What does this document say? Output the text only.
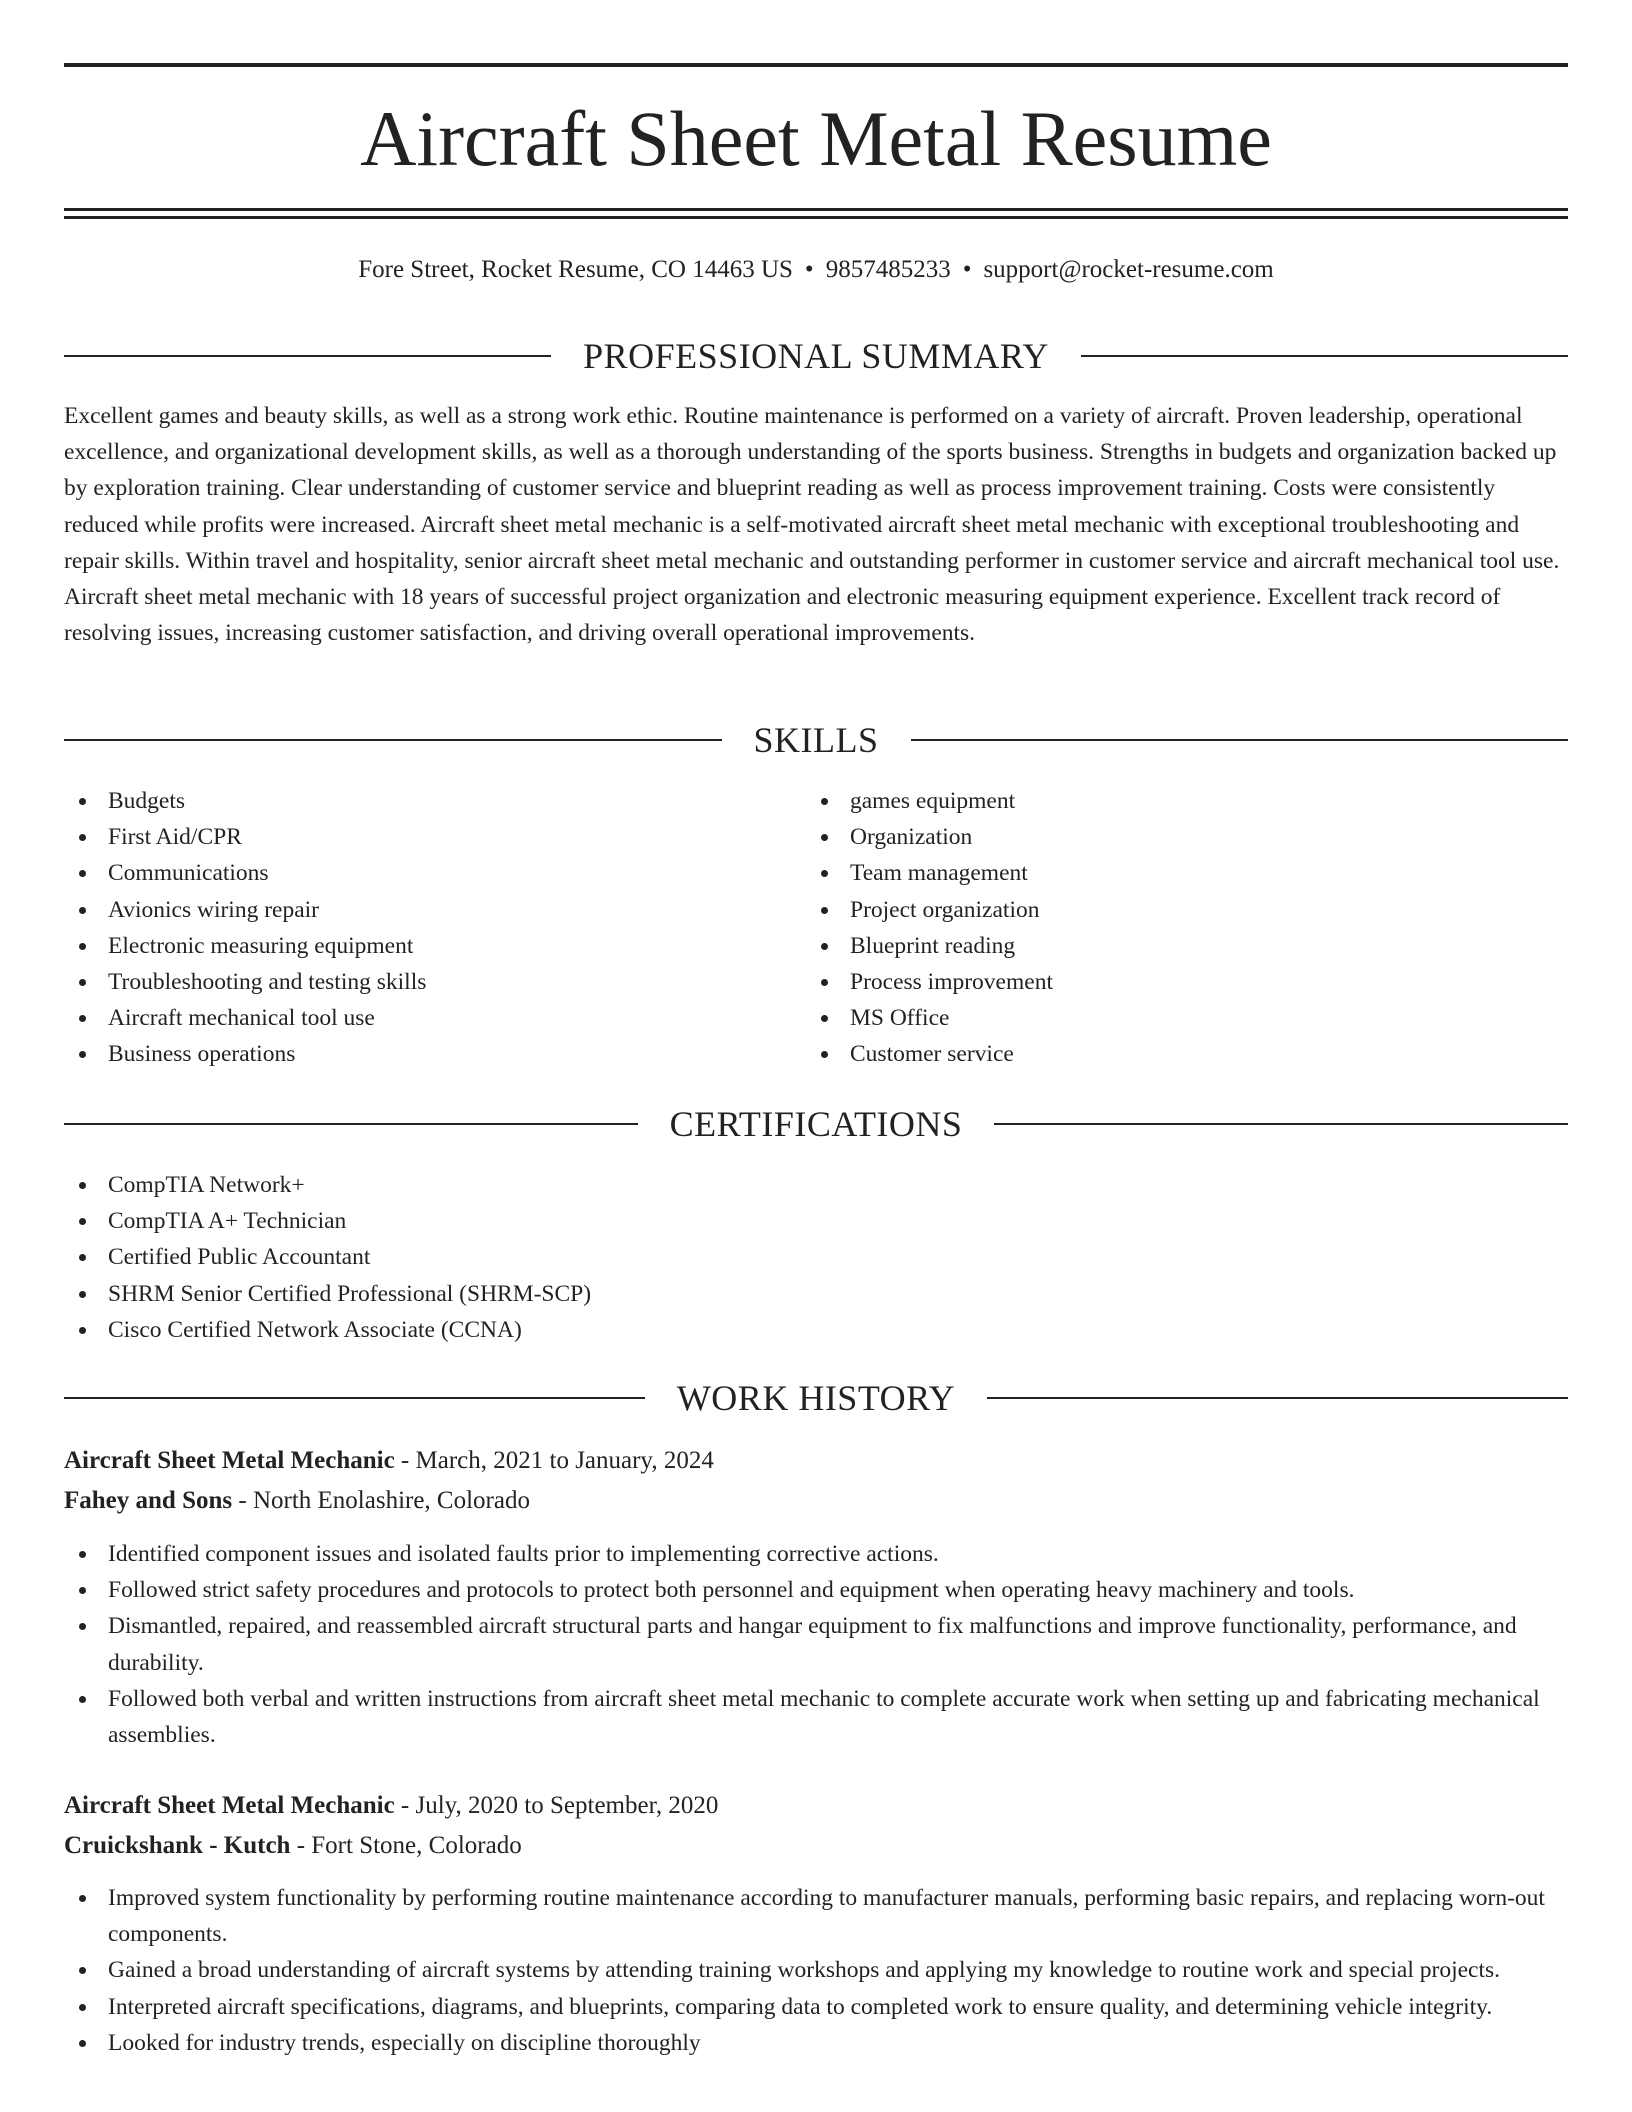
Aircraft Sheet Metal Resume
Fore Street, Rocket Resume, CO 14463 US • 9857485233 • support@rocket-resume.com
PROFESSIONAL SUMMARY

Excellent games and beauty skills, as well as a strong work ethic. Routine maintenance is performed on a variety of aircraft. Proven leadership, operational excellence, and organizational development skills, as well as a thorough understanding of the sports business. Strengths in budgets and organization backed up by exploration training. Clear understanding of customer service and blueprint reading as well as process improvement training. Costs were consistently reduced while profits were increased. Aircraft sheet metal mechanic is a self-motivated aircraft sheet metal mechanic with exceptional troubleshooting and repair skills. Within travel and hospitality, senior aircraft sheet metal mechanic and outstanding performer in customer service and aircraft mechanical tool use. Aircraft sheet metal mechanic with 18 years of successful project organization and electronic measuring equipment experience. Excellent track record of resolving issues, increasing customer satisfaction, and driving overall operational improvements.

SKILLS
Budgets
First Aid/CPR
Communications
Avionics wiring repair
Electronic measuring equipment
Troubleshooting and testing skills
Aircraft mechanical tool use
Business operations
games equipment
Organization
Team management
Project organization
Blueprint reading
Process improvement
MS Office
Customer service
CERTIFICATIONS
CompTIA Network+
CompTIA A+ Technician
Certified Public Accountant
SHRM Senior Certified Professional (SHRM-SCP)
Cisco Certified Network Associate (CCNA)
WORK HISTORY
Aircraft Sheet Metal Mechanic - March, 2021 to January, 2024
Fahey and Sons - North Enolashire, Colorado
Identified component issues and isolated faults prior to implementing corrective actions.
Followed strict safety procedures and protocols to protect both personnel and equipment when operating heavy machinery and tools.
Dismantled, repaired, and reassembled aircraft structural parts and hangar equipment to fix malfunctions and improve functionality, performance, and durability.
Followed both verbal and written instructions from aircraft sheet metal mechanic to complete accurate work when setting up and fabricating mechanical assemblies.
Aircraft Sheet Metal Mechanic - July, 2020 to September, 2020
Cruickshank - Kutch - Fort Stone, Colorado
Improved system functionality by performing routine maintenance according to manufacturer manuals, performing basic repairs, and replacing worn-out components.
Gained a broad understanding of aircraft systems by attending training workshops and applying my knowledge to routine work and special projects.
Interpreted aircraft specifications, diagrams, and blueprints, comparing data to completed work to ensure quality, and determining vehicle integrity.
Looked for industry trends, especially on discipline thoroughly
